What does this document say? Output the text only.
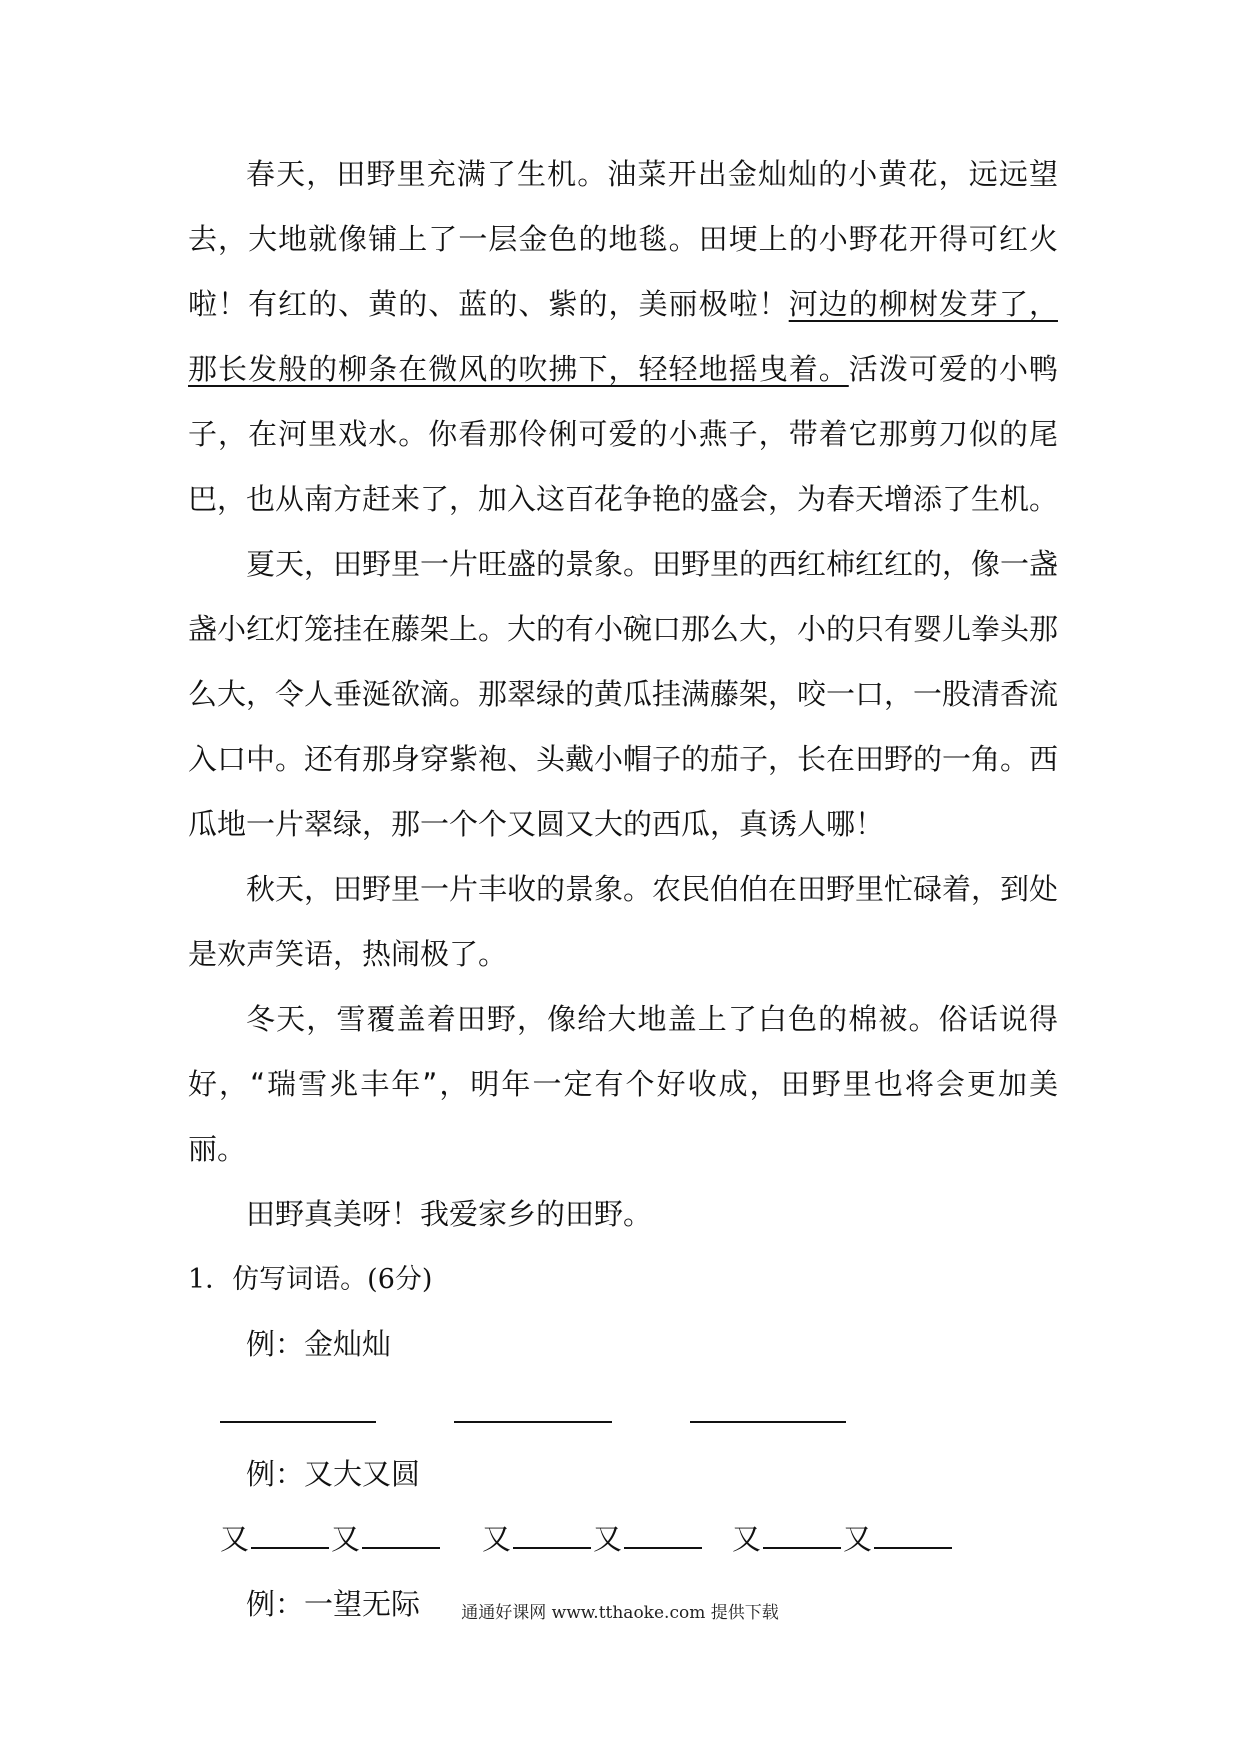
春天，田野里充满了生机。油菜开出金灿灿的小黄花，远远望去，大地就像铺上了一层金色的地毯。田埂上的小野花开得可红火啦！有红的、黄的、蓝的、紫的，美丽极啦！河边的柳树发芽了，那长发般的柳条在微风的吹拂下，轻轻地摇曳着。活泼可爱的小鸭子，在河里戏水。你看那伶俐可爱的小燕子，带着它那剪刀似的尾巴，也从南方赶来了，加入这百花争艳的盛会，为春天增添了生机。

夏天，田野里一片旺盛的景象。田野里的西红柿红红的，像一盏盏小红灯笼挂在藤架上。大的有小碗口那么大，小的只有婴儿拳头那么大，令人垂涎欲滴。那翠绿的黄瓜挂满藤架，咬一口，一股清香流入口中。还有那身穿紫袍、头戴小帽子的茄子，长在田野的一角。西瓜地一片翠绿，那一个个又圆又大的西瓜，真诱人哪！

秋天，田野里一片丰收的景象。农民伯伯在田野里忙碌着，到处是欢声笑语，热闹极了。

冬天，雪覆盖着田野，像给大地盖上了白色的棉被。俗话说得好，“瑞雪兆丰年”，明年一定有个好收成，田野里也将会更加美丽。

田野真美呀！我爱家乡的田野。

1．仿写词语。(6分)

例：金灿灿

例：又大又圆

又	又	又	又	又	又

例：一望无际	通通好课网 www.tthaoke.com 提供下载
